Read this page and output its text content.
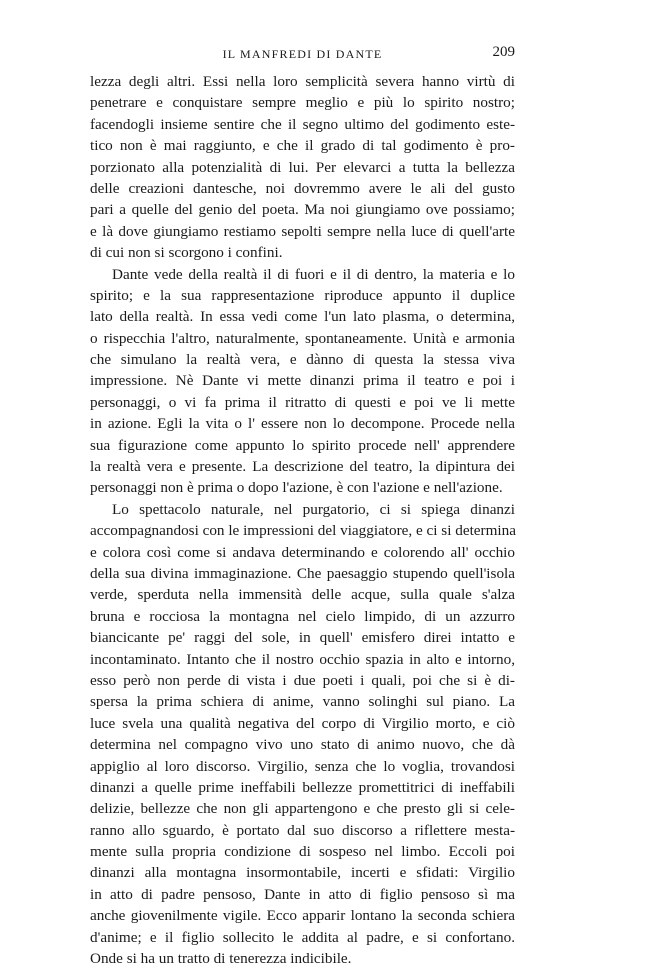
IL MANFREDI DI DANTE	209
lezza degli altri. Essi nella loro semplicità severa hanno virtù di
penetrare e conquistare sempre meglio e più lo spirito nostro;
facendogli insieme sentire che il segno ultimo del godimento este-
tico non è mai raggiunto, e che il grado di tal godimento è pro-
porzionato alla potenzialità di lui. Per elevarci a tutta la bellezza
delle creazioni dantesche, noi dovremmo avere le ali del gusto
pari a quelle del genio del poeta. Ma noi giungiamo ove possiamo;
e là dove giungiamo restiamo sepolti sempre nella luce di quell'arte
di cui non si scorgono i confini.
Dante vede della realtà il di fuori e il di dentro, la materia e lo
spirito; e la sua rappresentazione riproduce appunto il duplice
lato della realtà. In essa vedi come l'un lato plasma, o determina,
o rispecchia l'altro, naturalmente, spontaneamente. Unità e armonia
che simulano la realtà vera, e dànno di questa la stessa viva
impressione. Nè Dante vi mette dinanzi prima il teatro e poi i
personaggi, o vi fa prima il ritratto di questi e poi ve li mette
in azione. Egli la vita o l' essere non lo decompone. Procede nella
sua figurazione come appunto lo spirito procede nell' apprendere
la realtà vera e presente. La descrizione del teatro, la dipintura dei
personaggi non è prima o dopo l'azione, è con l'azione e nell'azione.
Lo spettacolo naturale, nel purgatorio, ci si spiega dinanzi
accompagnandosi con le impressioni del viaggiatore, e ci si determina
e colora così come si andava determinando e colorendo all' occhio
della sua divina immaginazione. Che paesaggio stupendo quell'isola
verde, sperduta nella immensità delle acque, sulla quale s'alza
bruna e rocciosa la montagna nel cielo limpido, di un azzurro
biancicante pe' raggi del sole, in quell' emisfero direi intatto e
incontaminato. Intanto che il nostro occhio spazia in alto e intorno,
esso però non perde di vista i due poeti i quali, poi che si è di-
spersa la prima schiera di anime, vanno solinghi sul piano. La
luce svela una qualità negativa del corpo di Virgilio morto, e ciò
determina nel compagno vivo uno stato di animo nuovo, che dà
appiglio al loro discorso. Virgilio, senza che lo voglia, trovandosi
dinanzi a quelle prime ineffabili bellezze promettitrici di ineffabili
delizie, bellezze che non gli appartengono e che presto gli si cele-
ranno allo sguardo, è portato dal suo discorso a riflettere mesta-
mente sulla propria condizione di sospeso nel limbo. Eccoli poi
dinanzi alla montagna insormontabile, incerti e sfidati: Virgilio
in atto di padre pensoso, Dante in atto di figlio pensoso sì ma
anche giovenilmente vigile. Ecco apparir lontano la seconda schiera
d'anime; e il figlio sollecito le addita al padre, e si confortano.
Onde si ha un tratto di tenerezza indicibile.
